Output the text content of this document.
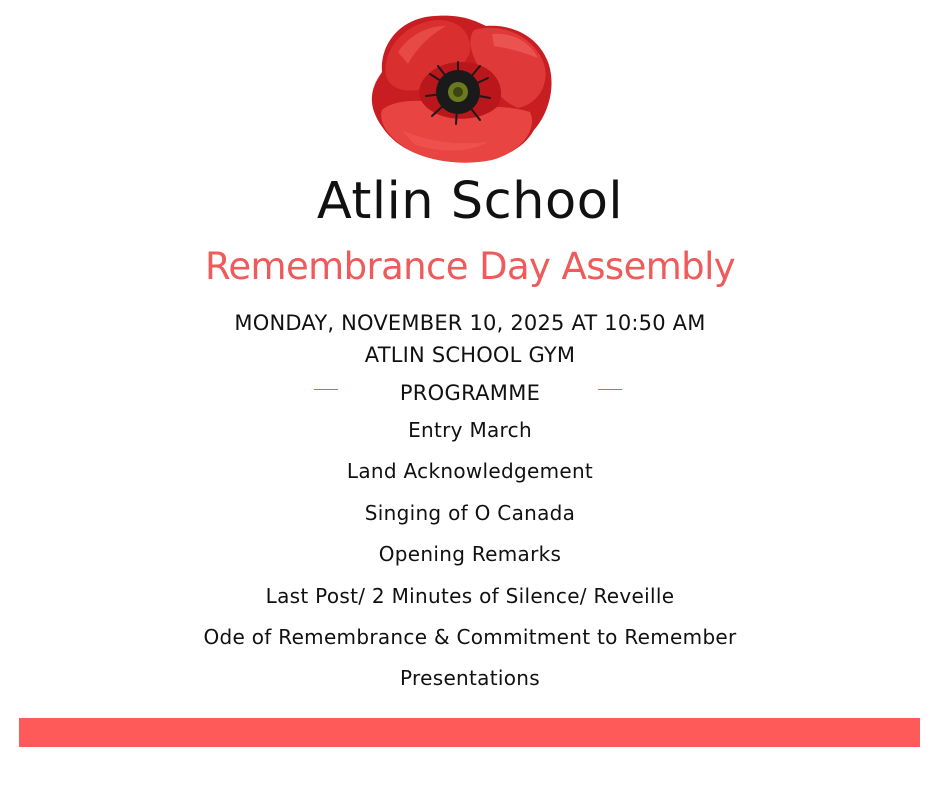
Atlin School
Remembrance Day Assembly
MONDAY, NOVEMBER 10, 2025 AT 10:50 AM
ATLIN SCHOOL GYM
PROGRAMME
Entry March
Land Acknowledgement
Singing of O Canada
Opening Remarks
Last Post/ 2 Minutes of Silence/ Reveille
Ode of Remembrance & Commitment to Remember
Presentations
